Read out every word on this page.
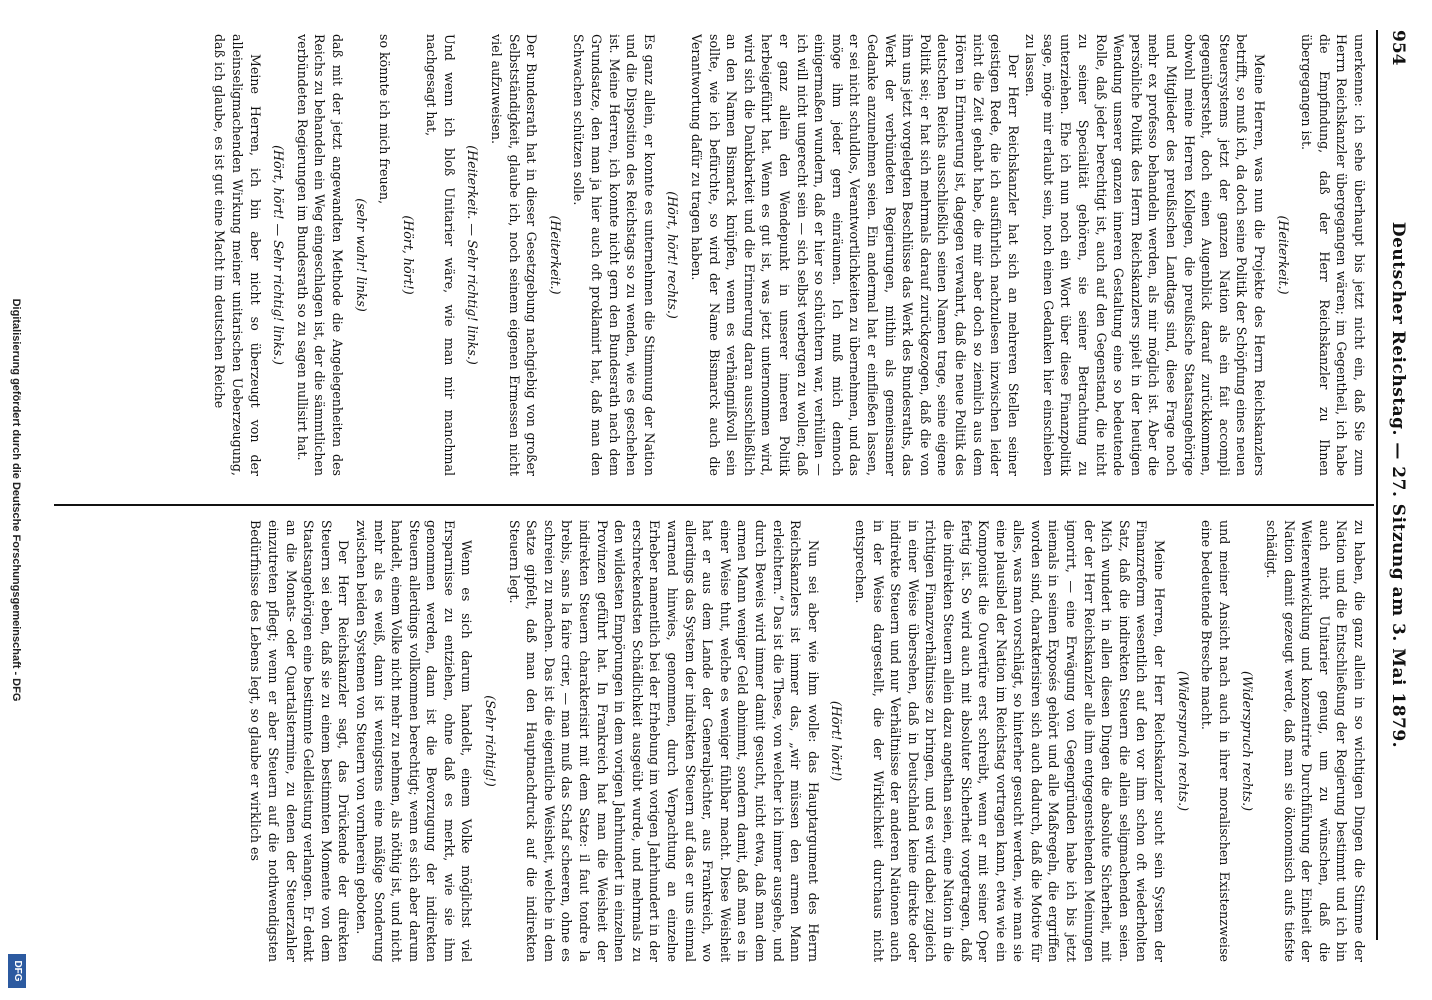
954
Deutscher Reichstag. — 27. Sitzung am 3. Mai 1879.

unerkenne: ich sehe überhaupt bis jetzt nicht ein, daß Sie zum Herrn Reichskanzler übergegangen wären; im Gegentheil, ich habe die Empfindung, daß der Herr Reichskanzler zu Ihnen übergegangen ist.

(Heiterkeit.)

Meine Herren, was nun die Projekte des Herrn Reichskanzlers betrifft, so muß ich, da doch seine Politik der Schöpfung eines neuen Steuersystems jetzt der ganzen Nation als ein fait accompli gegenübersteht, doch einen Augenblick darauf zurückkommen, obwohl meine Herren Kollegen, die preußische Staatsangehörige und Mitglieder des preußischen Landtags sind, diese Frage noch mehr ex professo behandeln werden, als mir möglich ist. Aber die persönliche Politik des Herrn Reichskanzlers spielt in der heutigen Wendung unserer ganzen inneren Gestaltung eine so bedeutende Rolle, daß jeder berechtigt ist, auch auf den Gegenstand, die nicht zu seiner Specialität gehören, sie seiner Betrachtung zu unterziehen. Ehe ich nun noch ein Wort über diese Finanzpolitik sage, möge mir erlaubt sein, noch einen Gedanken hier einschieben zu lassen.

Der Herr Reichskanzler hat sich an mehreren Stellen seiner geistigen Rede, die ich ausführlich nachzulesen inzwischen leider nicht die Zeit gehabt habe, die mir aber doch so ziemlich aus dem Hören in Erinnerung ist, dagegen verwahrt, daß die neue Politik des deutschen Reichs ausschließlich seinen Namen trage, seine eigene Politik sei; er hat sich mehrmals darauf zurückgezogen, daß die von ihm uns jetzt vorgelegten Beschlüsse das Werk des Bundesraths, das Werk der verbündeten Regierungen, mithin als gemeinsamer Gedanke anzunehmen seien. Ein andermal hat er einfließen lassen, er sei nicht schuldlos, Verantwortlichkeiten zu übernehmen, und das möge ihm jeder gern einräumen. Ich muß mich dennoch einigermaßen wundern, daß er hier so schüchtern war, verhüllen — ich will nicht ungerecht sein — sich selbst verbergen zu wollen; daß er ganz allein den Wendepunkt in unserer inneren Politik herbeigeführt hat. Wenn es gut ist, was jetzt unternommen wird, wird sich die Dankbarkeit und die Erinnerung daran ausschließlich an den Namen Bismarck knüpfen, wenn es verhängnißvoll sein sollte, wie ich befürchte, so wird der Name Bismarck auch die Verantwortung dafür zu tragen haben.

(Hört, hört! rechts.)

Es ganz allein, er konnte es unternehmen die Stimmung der Nation und die Disposition des Reichstags so zu wenden, wie es geschehen ist. Meine Herren, ich konnte nicht gern den Bundesrath nach dem Grundsatze, den man ja hier auch oft proklamirt hat, daß man den Schwachen schützen solle.

(Heiterkeit.)

Der Bundesrath hat in dieser Gesetzgebung nachgiebig von großer Selbstständigkeit, glaube ich, noch seinem eigenen Ermessen nicht viel aufzuweisen.

(Heiterkeit. — Sehr richtig! links.)

Und wenn ich bloß Unitarier wäre, wie man mir manchmal nachgesagt hat,

(Hört, hört!)

so könnte ich mich freuen,

(sehr wahr! links)

daß mit der jetzt angewandten Methode die Angelegenheiten des Reichs zu behandeln ein Weg eingeschlagen ist, der die sämmtlichen verbündeten Regierungen im Bundesrath so zu sagen nullisirt hat.

(Hört, hört! — Sehr richtig! links.)

Meine Herren, ich bin aber nicht so überzeugt von der alleinseligmachenden Wirkung meiner unitarischen Ueberzeugung, daß ich glaube, es ist gut eine Macht im deutschen Reiche

zu haben, die ganz allein in so wichtigen Dingen die Stimme der Nation und die Entschließung der Regierung bestimmt und ich bin auch nicht Unitarier genug, um zu wünschen, daß die Weiterentwicklung und konzentrirte Durchführung der Einheit der Nation damit gezeugt werde, daß man sie ökonomisch aufs tiefste schädigt.

(Widerspruch rechts.)

und meiner Ansicht nach auch in ihrer moralischen Existenzweise eine bedeutende Bresche macht.

(Widerspruch rechts.)

Meine Herren, der Herr Reichskanzler sucht sein System der Finanzreform wesentlich auf den vor ihm schon oft wiederholten Satz, daß die indirekten Steuern die allein seligmachenden seien. Mich wundert in allen diesen Dingen die absolute Sicherheit, mit der der Herr Reichskanzler alle ihm entgegenstehenden Meinungen ignorirt, — eine Erwägung von Gegengründen habe ich bis jetzt niemals in seinen Exposés gehört und alle Maßregeln, die ergriffen worden sind, charakterisiren sich auch dadurch, daß die Motive für alles, was man vorschlägt, so hinterher gesucht werden, wie man sie eine plausibel der Nation im Reichstag vortragen kann, etwa wie ein Komponist die Ouvertüre erst schreibt, wenn er mit seiner Oper fertig ist. So wird auch mit absoluter Sicherheit vorgetragen, daß die indirekten Steuern allein dazu angethan seien, eine Nation in die richtigen Finanzverhältnisse zu bringen, und es wird dabei zugleich in einer Weise übersehen, daß in Deutschland keine direkte oder indirekte Steuern und nur Verhältnisse der anderen Nationen auch in der Weise dargestellt, die der Wirklichkeit durchaus nicht entsprechen.

(Hört! hört!)

Nun sei aber wie ihm wolle: das Hauptargument des Herrn Reichskanzlers ist immer das, „wir müssen den armen Mann erleichtern.“ Das ist die These, von welcher ich immer ausgehe, und durch Beweis wird immer damit gesucht, nicht etwa, daß man dem armen Mann weniger Geld abnimmt, sondern damit, daß man es in einer Weise thut, welche es weniger fühlbar macht. Diese Weisheit hat er aus dem Lande der Generalpächter, aus Frankreich, wo allerdings das System der indirekten Steuern auf das er uns einmal warnend hinwies, genommen, durch Verpachtung an einzelne Erheber namentlich bei der Erhebung im vorigen Jahrhundert in der erschreckendsten Schädlichkeit ausgeübt wurde, und mehrmals zu den wildesten Empörungen in dem vorigen Jahrhundert in einzelnen Provinzen geführt hat. In Frankreich hat man die Weisheit der indirekten Steuern charakterisirt mit dem Satze: il faut tondre la brebis, sans la faire crier, — man muß das Schaf scheeren, ohne es schreien zu machen. Das ist die eigentliche Weisheit, welche in dem Satze gipfelt, daß man den Hauptnachdruck auf die indirekten Steuern legt.

(Sehr richtig!)

Wenn es sich darum handelt, einem Volke möglichst viel Ersparnisse zu entziehen, ohne daß es merkt, wie sie ihm genommen werden, dann ist die Bevorzugung der indirekten Steuern allerdings vollkommen berechtigt; wenn es sich aber darum handelt, einem Volke nicht mehr zu nehmen, als nöthig ist, und nicht mehr als es weiß, dann ist wenigstens eine mäßige Sonderung zwischen beiden Systemen von Steuern von vornherein geboten.

Der Herr Reichskanzler sagt, das Drückende der direkten Steuern sei eben, daß sie zu einem bestimmten Momente von dem Staatsangehörigen eine bestimmte Geldleistung verlangen. Er denkt an die Monats- oder Quartalstermine, zu denen der Steuerzahler einzutreten pflegt; wenn er aber Steuern auf die nothwendigsten Bedürfnisse des Lebens legt, so glaube er wirklich es

Digitalisierung gefördert durch die Deutsche Forschungsgemeinschaft - DFG
DFG
